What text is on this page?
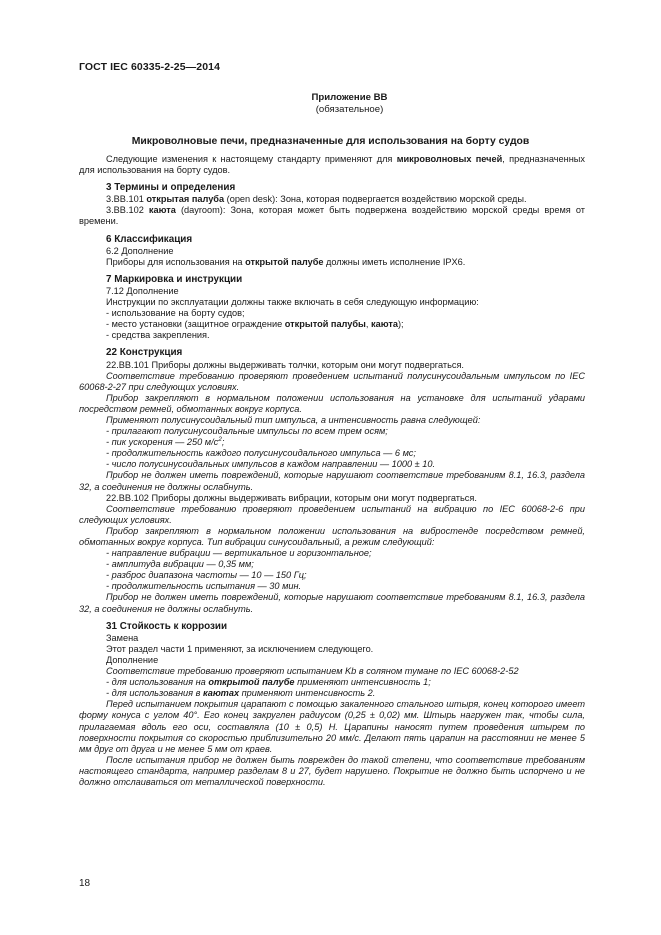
ГОСТ IEC 60335-2-25—2014
Приложение ВВ
(обязательное)
Микроволновые печи, предназначенные для использования на борту судов

Следующие изменения к настоящему стандарту применяют для микроволновых печей, предназначенных для использования на борту судов.

3 Термины и определения

3.ВВ.101 открытая палуба (open desk): Зона, которая подвергается воздействию морской среды.

3.ВВ.102 каюта (dayroom): Зона, которая может быть подвержена воздействию морской среды время от времени.

6 Классификация

6.2 Дополнение

Приборы для использования на открытой палубе должны иметь исполнение IPX6.

7 Маркировка и инструкции

7.12 Дополнение

Инструкции по эксплуатации должны также включать в себя следующую информацию:

- использование на борту судов;

- место установки (защитное ограждение открытой палубы, каюта);

- средства закрепления.

22 Конструкция

22.ВВ.101 Приборы должны выдерживать толчки, которым они могут подвергаться.

Соответствие требованию проверяют проведением испытаний полусинусоидальным импульсом по IEC 60068-2-27 при следующих условиях.

Прибор закрепляют в нормальном положении использования на установке для испытаний ударами посредством ремней, обмотанных вокруг корпуса.

Применяют полусинусоидальный тип импульса, а интенсивность равна следующей:

- прилагают полусинусоидальные импульсы по всем трем осям;

- пик ускорения — 250 $м/с^2$;

- продолжительность каждого полусинусоидального импульса — 6 мс;

- число полусинусоидальных импульсов в каждом направлении — 1000 ± 10.

Прибор не должен иметь повреждений, которые нарушают соответствие требованиям 8.1, 16.3, раздела 32, а соединения не должны ослабнуть.

22.ВВ.102 Приборы должны выдерживать вибрации, которым они могут подвергаться.

Соответствие требованию проверяют проведением испытаний на вибрацию по IEC 60068-2-6 при следующих условиях.

Прибор закрепляют в нормальном положении использования на вибростенде посредством ремней, обмотанных вокруг корпуса. Тип вибрации синусоидальный, а режим следующий:

- направление вибрации — вертикальное и горизонтальное;

- амплитуда вибрации — 0,35 мм;

- разброс диапазона частоты — 10 — 150 Гц;

- продолжительность испытания — 30 мин.

Прибор не должен иметь повреждений, которые нарушают соответствие требованиям 8.1, 16.3, раздела 32, а соединения не должны ослабнуть.

31 Стойкость к коррозии

Замена

Этот раздел части 1 применяют, за исключением следующего.

Дополнение

Соответствие требованию проверяют испытанием Kb в соляном тумане по IEC 60068-2-52

- для использования на открытой палубе применяют интенсивность 1;

- для использования в каютах применяют интенсивность 2.

Перед испытанием покрытия царапают с помощью закаленного стального штыря, конец которого имеет форму конуса с углом 40°. Его конец закруглен радиусом (0,25 ± 0,02) мм. Штырь нагружен так, чтобы сила, прилагаемая вдоль его оси, составляла (10 ± 0,5) Н. Царапины наносят путем проведения штырем по поверхности покрытия со скоростью приблизительно 20 мм/с. Делают пять царапин на расстоянии не менее 5 мм друг от друга и не менее 5 мм от краев.

После испытания прибор не должен быть поврежден до такой степени, что соответствие требованиям настоящего стандарта, например разделам 8 и 27, будет нарушено. Покрытие не должно быть испорчено и не должно отслаиваться от металлической поверхности.

18
